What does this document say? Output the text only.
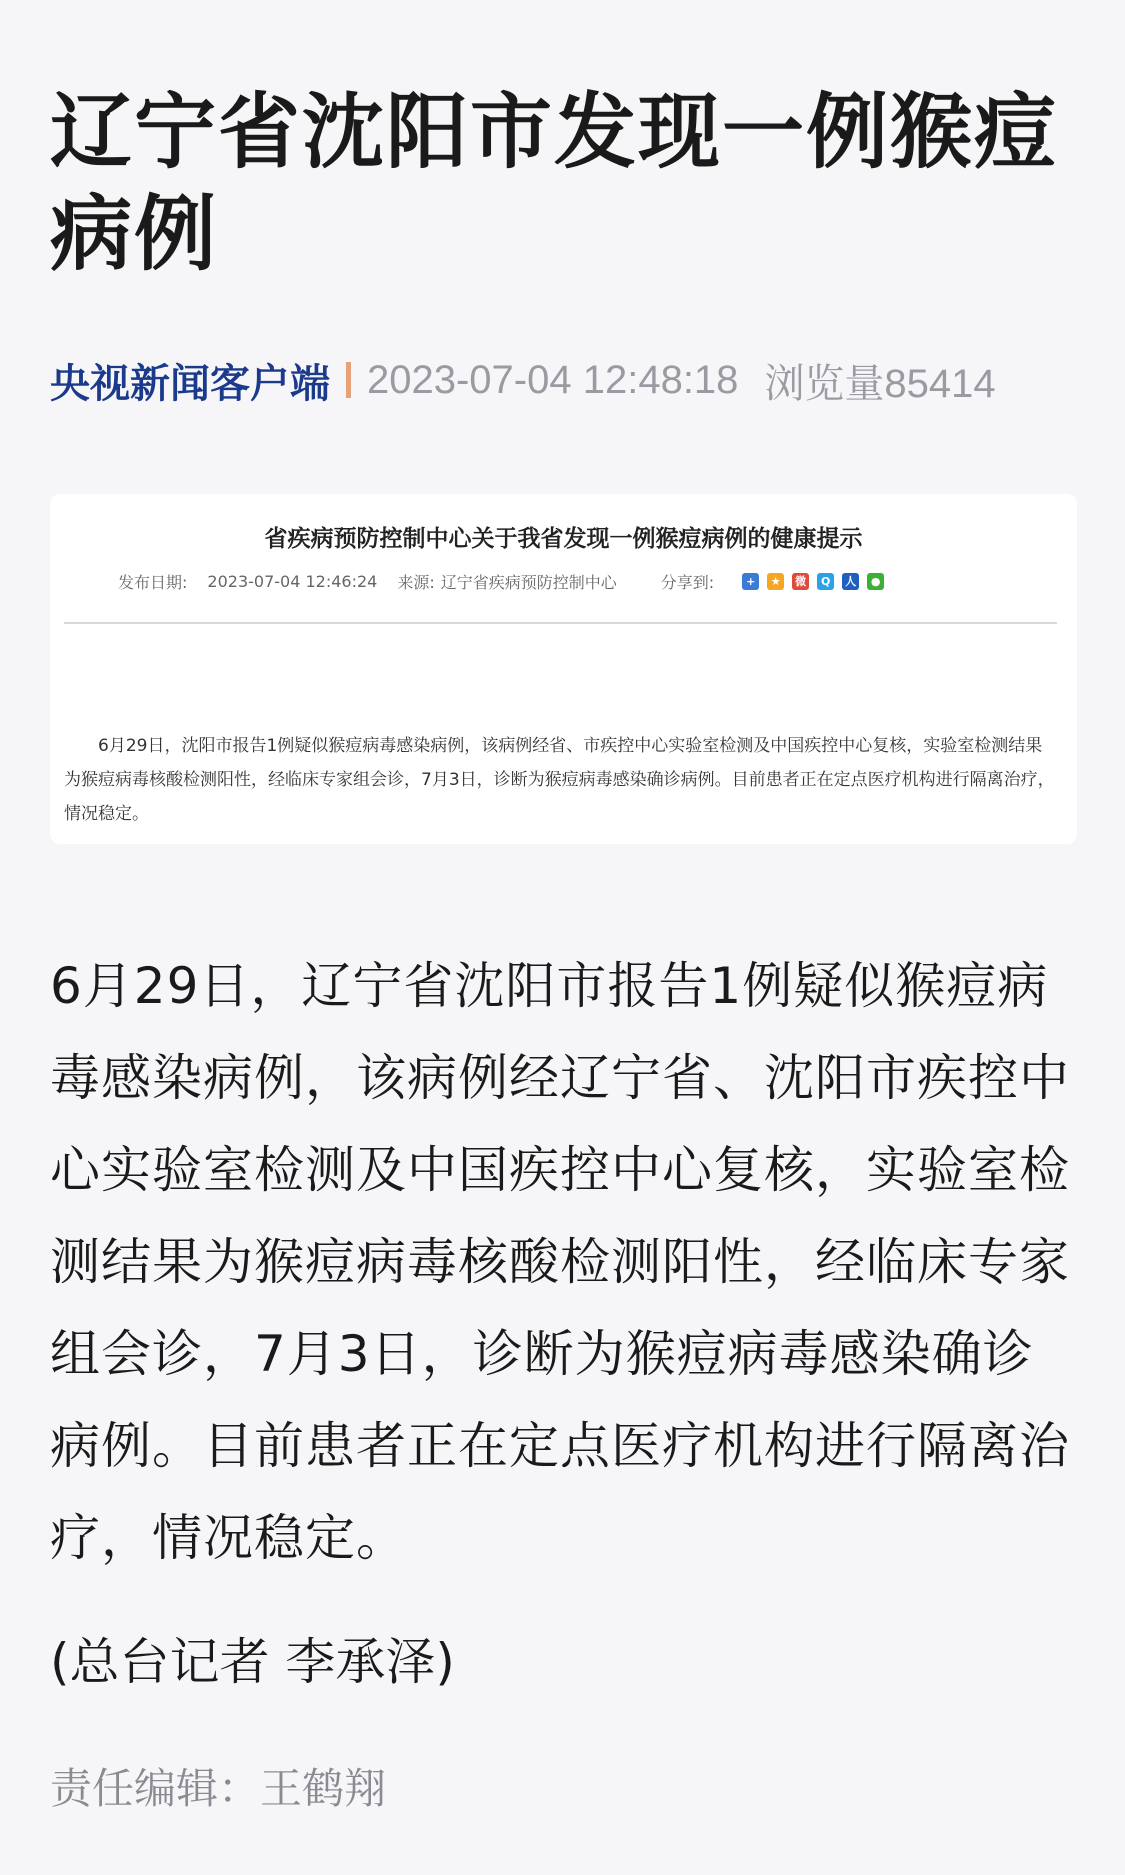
辽宁省沈阳市发现一例猴痘病例
央视新闻客户端 2023-07-04 12:48:18 浏览量85414
省疾病预防控制中心关于我省发现一例猴痘病例的健康提示
发布日期: 2023-07-04 12:46:24 来源: 辽宁省疾病预防控制中心	分享到:	+	★	微	Q	人	●
6月29日，沈阳市报告1例疑似猴痘病毒感染病例，该病例经省、市疾控中心实验室检测及中国疾控中心复核，实验室检测结果为猴痘病毒核酸检测阳性，经临床专家组会诊，7月3日，诊断为猴痘病毒感染确诊病例。目前患者正在定点医疗机构进行隔离治疗，情况稳定。

6月29日，辽宁省沈阳市报告1例疑似猴痘病毒感染病例，该病例经辽宁省、沈阳市疾控中心实验室检测及中国疾控中心复核，实验室检测结果为猴痘病毒核酸检测阳性，经临床专家组会诊，7月3日，诊断为猴痘病毒感染确诊病例。目前患者正在定点医疗机构进行隔离治疗，情况稳定。

(总台记者 李承泽)

责任编辑：王鹤翔
